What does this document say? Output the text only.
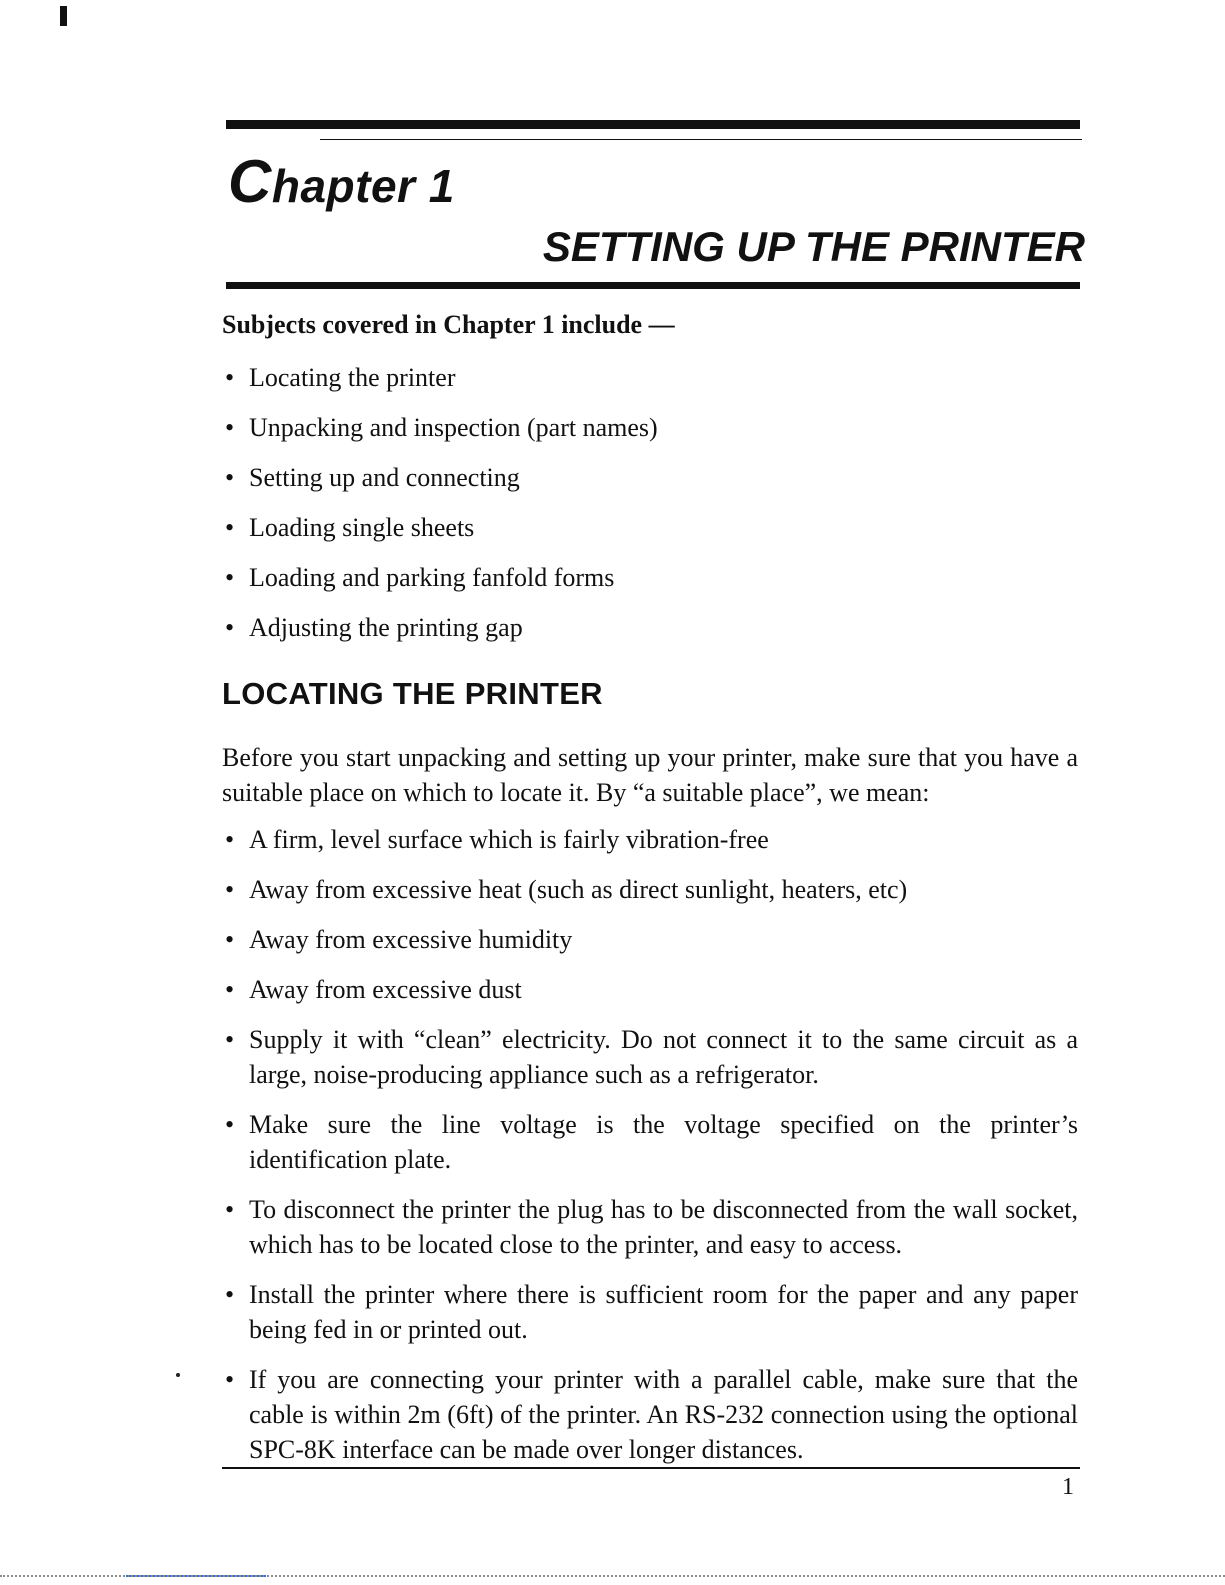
Chapter 1
SETTING UP THE PRINTER

Subjects covered in Chapter 1 include —

• Locating the printer
• Unpacking and inspection (part names)
• Setting up and connecting
• Loading single sheets
• Loading and parking fanfold forms
• Adjusting the printing gap
LOCATING THE PRINTER

Before you start unpacking and setting up your printer, make sure that you have a suitable place on which to locate it. By “a suitable place”, we mean:

• A firm, level surface which is fairly vibration-free
• Away from excessive heat (such as direct sunlight, heaters, etc)
• Away from excessive humidity
• Away from excessive dust
• Supply it with “clean” electricity. Do not connect it to the same circuit as a large, noise-producing appliance such as a refrigerator.
• Make sure the line voltage is the voltage specified on the printer’s identification plate.
• To disconnect the printer the plug has to be disconnected from the wall socket, which has to be located close to the printer, and easy to access.
• Install the printer where there is sufficient room for the paper and any paper being fed in or printed out.
• If you are connecting your printer with a parallel cable, make sure that the cable is within 2m (6ft) of the printer. An RS-232 connection using the optional SPC-8K interface can be made over longer distances.

1
